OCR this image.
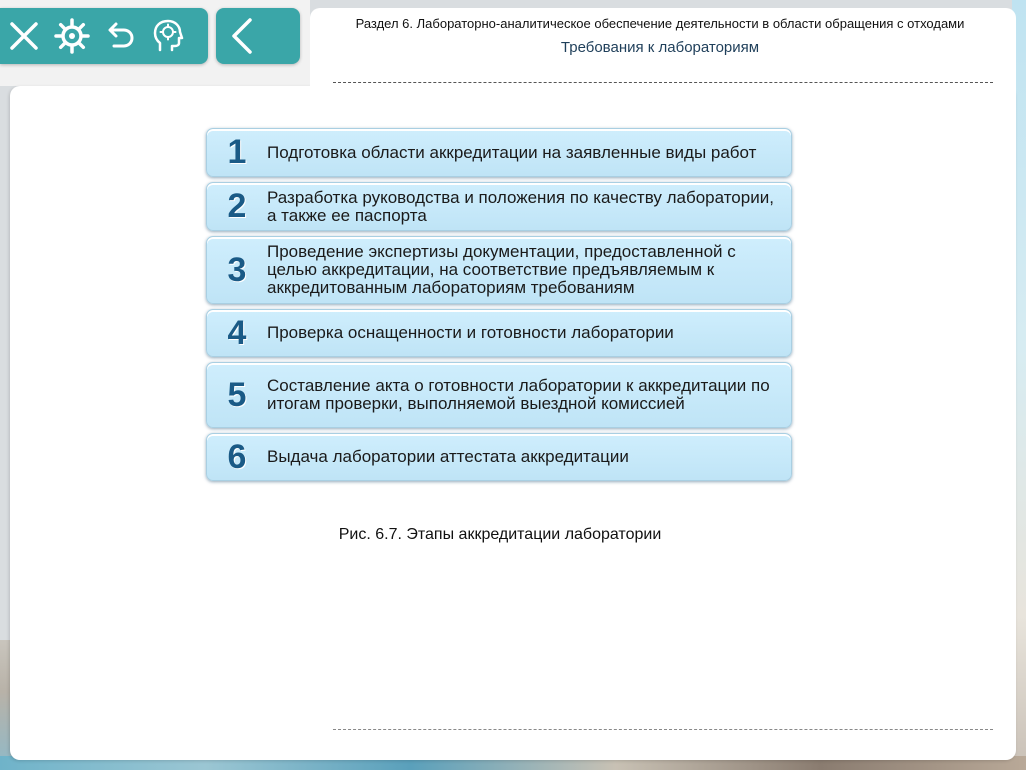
Раздел 6. Лабораторно-аналитическое обеспечение деятельности в области обращения с отходами
Требования к лабораториям
1	Подготовка области аккредитации на заявленные виды работ
2	Разработка руководства и положения по качеству лаборатории, а также ее паспорта
3	Проведение экспертизы документации, предоставленной с целью аккредитации, на соответствие предъявляемым к аккредитованным лабораториям требованиям
4	Проверка оснащенности и готовности лаборатории
5	Составление акта о готовности лаборатории к аккредитации по итогам проверки, выполняемой выездной комиссией
6	Выдача лаборатории аттестата аккредитации
Рис. 6.7. Этапы аккредитации лаборатории
